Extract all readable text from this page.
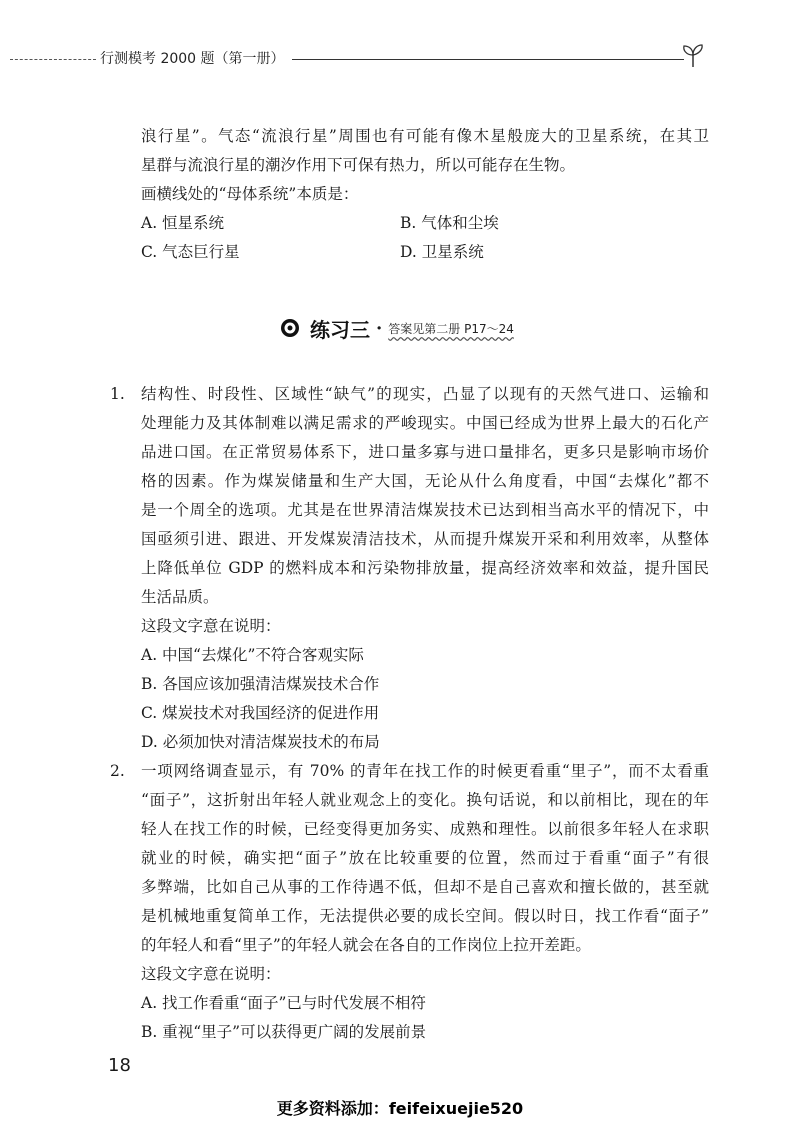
行测模考 2000 题（第一册）
浪行星”。气态“流浪行星”周围也有可能有像木星般庞大的卫星系统，在其卫
星群与流浪行星的潮汐作用下可保有热力，所以可能存在生物。
画横线处的“母体系统”本质是：
A. 恒星系统	B. 气体和尘埃
C. 气态巨行星	D. 卫星系统
练习三 · 答案见第二册 P17～24
1. 结构性、时段性、区域性“缺气”的现实，凸显了以现有的天然气进口、运输和
处理能力及其体制难以满足需求的严峻现实。中国已经成为世界上最大的石化产
品进口国。在正常贸易体系下，进口量多寡与进口量排名，更多只是影响市场价
格的因素。作为煤炭储量和生产大国，无论从什么角度看，中国“去煤化”都不
是一个周全的选项。尤其是在世界清洁煤炭技术已达到相当高水平的情况下，中
国亟须引进、跟进、开发煤炭清洁技术，从而提升煤炭开采和利用效率，从整体
上降低单位 GDP 的燃料成本和污染物排放量，提高经济效率和效益，提升国民
生活品质。
这段文字意在说明：
A. 中国“去煤化”不符合客观实际
B. 各国应该加强清洁煤炭技术合作
C. 煤炭技术对我国经济的促进作用
D. 必须加快对清洁煤炭技术的布局
2. 一项网络调查显示，有 70% 的青年在找工作的时候更看重“里子”，而不太看重
“面子”，这折射出年轻人就业观念上的变化。换句话说，和以前相比，现在的年
轻人在找工作的时候，已经变得更加务实、成熟和理性。以前很多年轻人在求职
就业的时候，确实把“面子”放在比较重要的位置，然而过于看重“面子”有很
多弊端，比如自己从事的工作待遇不低，但却不是自己喜欢和擅长做的，甚至就
是机械地重复简单工作，无法提供必要的成长空间。假以时日，找工作看“面子”
的年轻人和看“里子”的年轻人就会在各自的工作岗位上拉开差距。
这段文字意在说明：
A. 找工作看重“面子”已与时代发展不相符
B. 重视“里子”可以获得更广阔的发展前景
18
更多资料添加：feifeixuejie520
